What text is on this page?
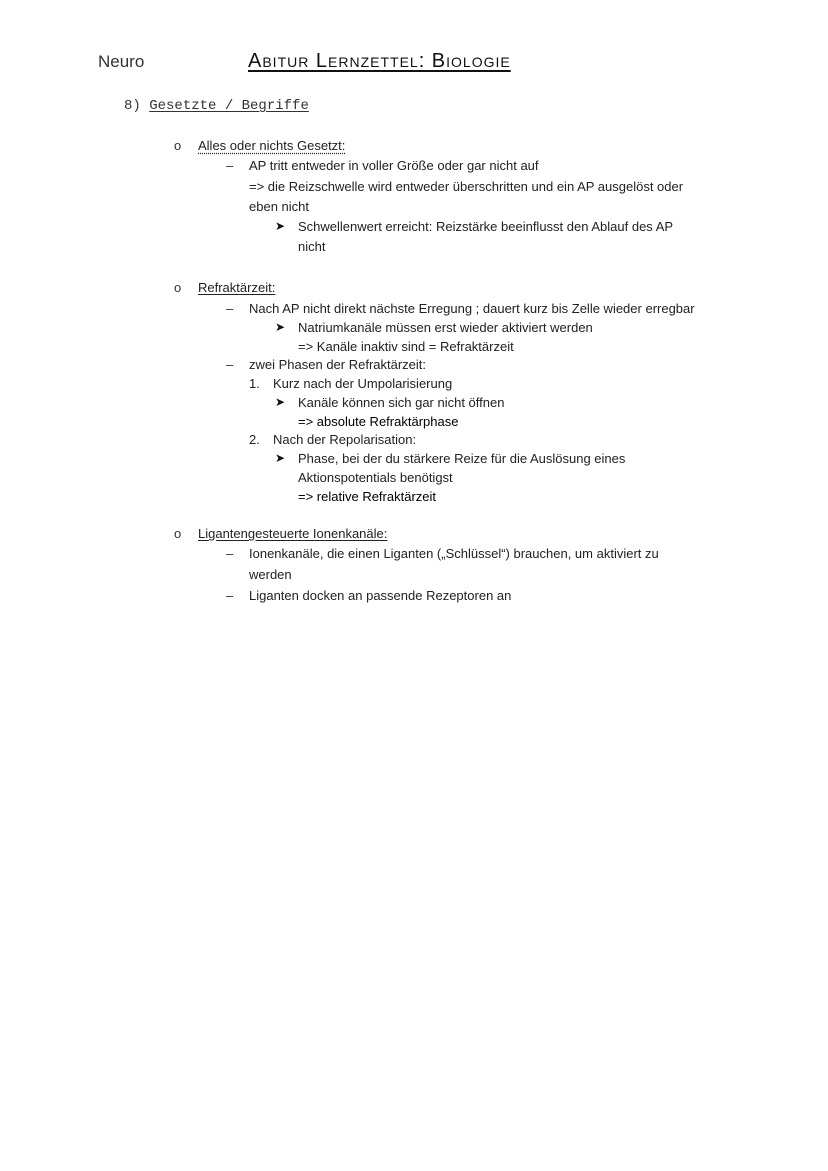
Neuro	Abitur Lernzettel: Biologie
8) Gesetzte / Begriffe
o Alles oder nichts Gesetzt:
– AP tritt entweder in voller Größe oder gar nicht auf
=> die Reizschwelle wird entweder überschritten und ein AP ausgelöst oder
eben nicht
➤ Schwellenwert erreicht: Reizstärke beeinflusst den Ablauf des AP
nicht
o Refraktärzeit:
– Nach AP nicht direkt nächste Erregung ; dauert kurz bis Zelle wieder erregbar
➤ Natriumkanäle müssen erst wieder aktiviert werden
=> Kanäle inaktiv sind = Refraktärzeit
– zwei Phasen der Refraktärzeit:
1. Kurz nach der Umpolarisierung
➤ Kanäle können sich gar nicht öffnen
=> absolute Refraktärphase
2. Nach der Repolarisation:
➤ Phase, bei der du stärkere Reize für die Auslösung eines
Aktionspotentials benötigst
=> relative Refraktärzeit
o Ligantengesteuerte Ionenkanäle:
– Ionenkanäle, die einen Liganten („Schlüssel“) brauchen, um aktiviert zu
werden
– Liganten docken an passende Rezeptoren an
